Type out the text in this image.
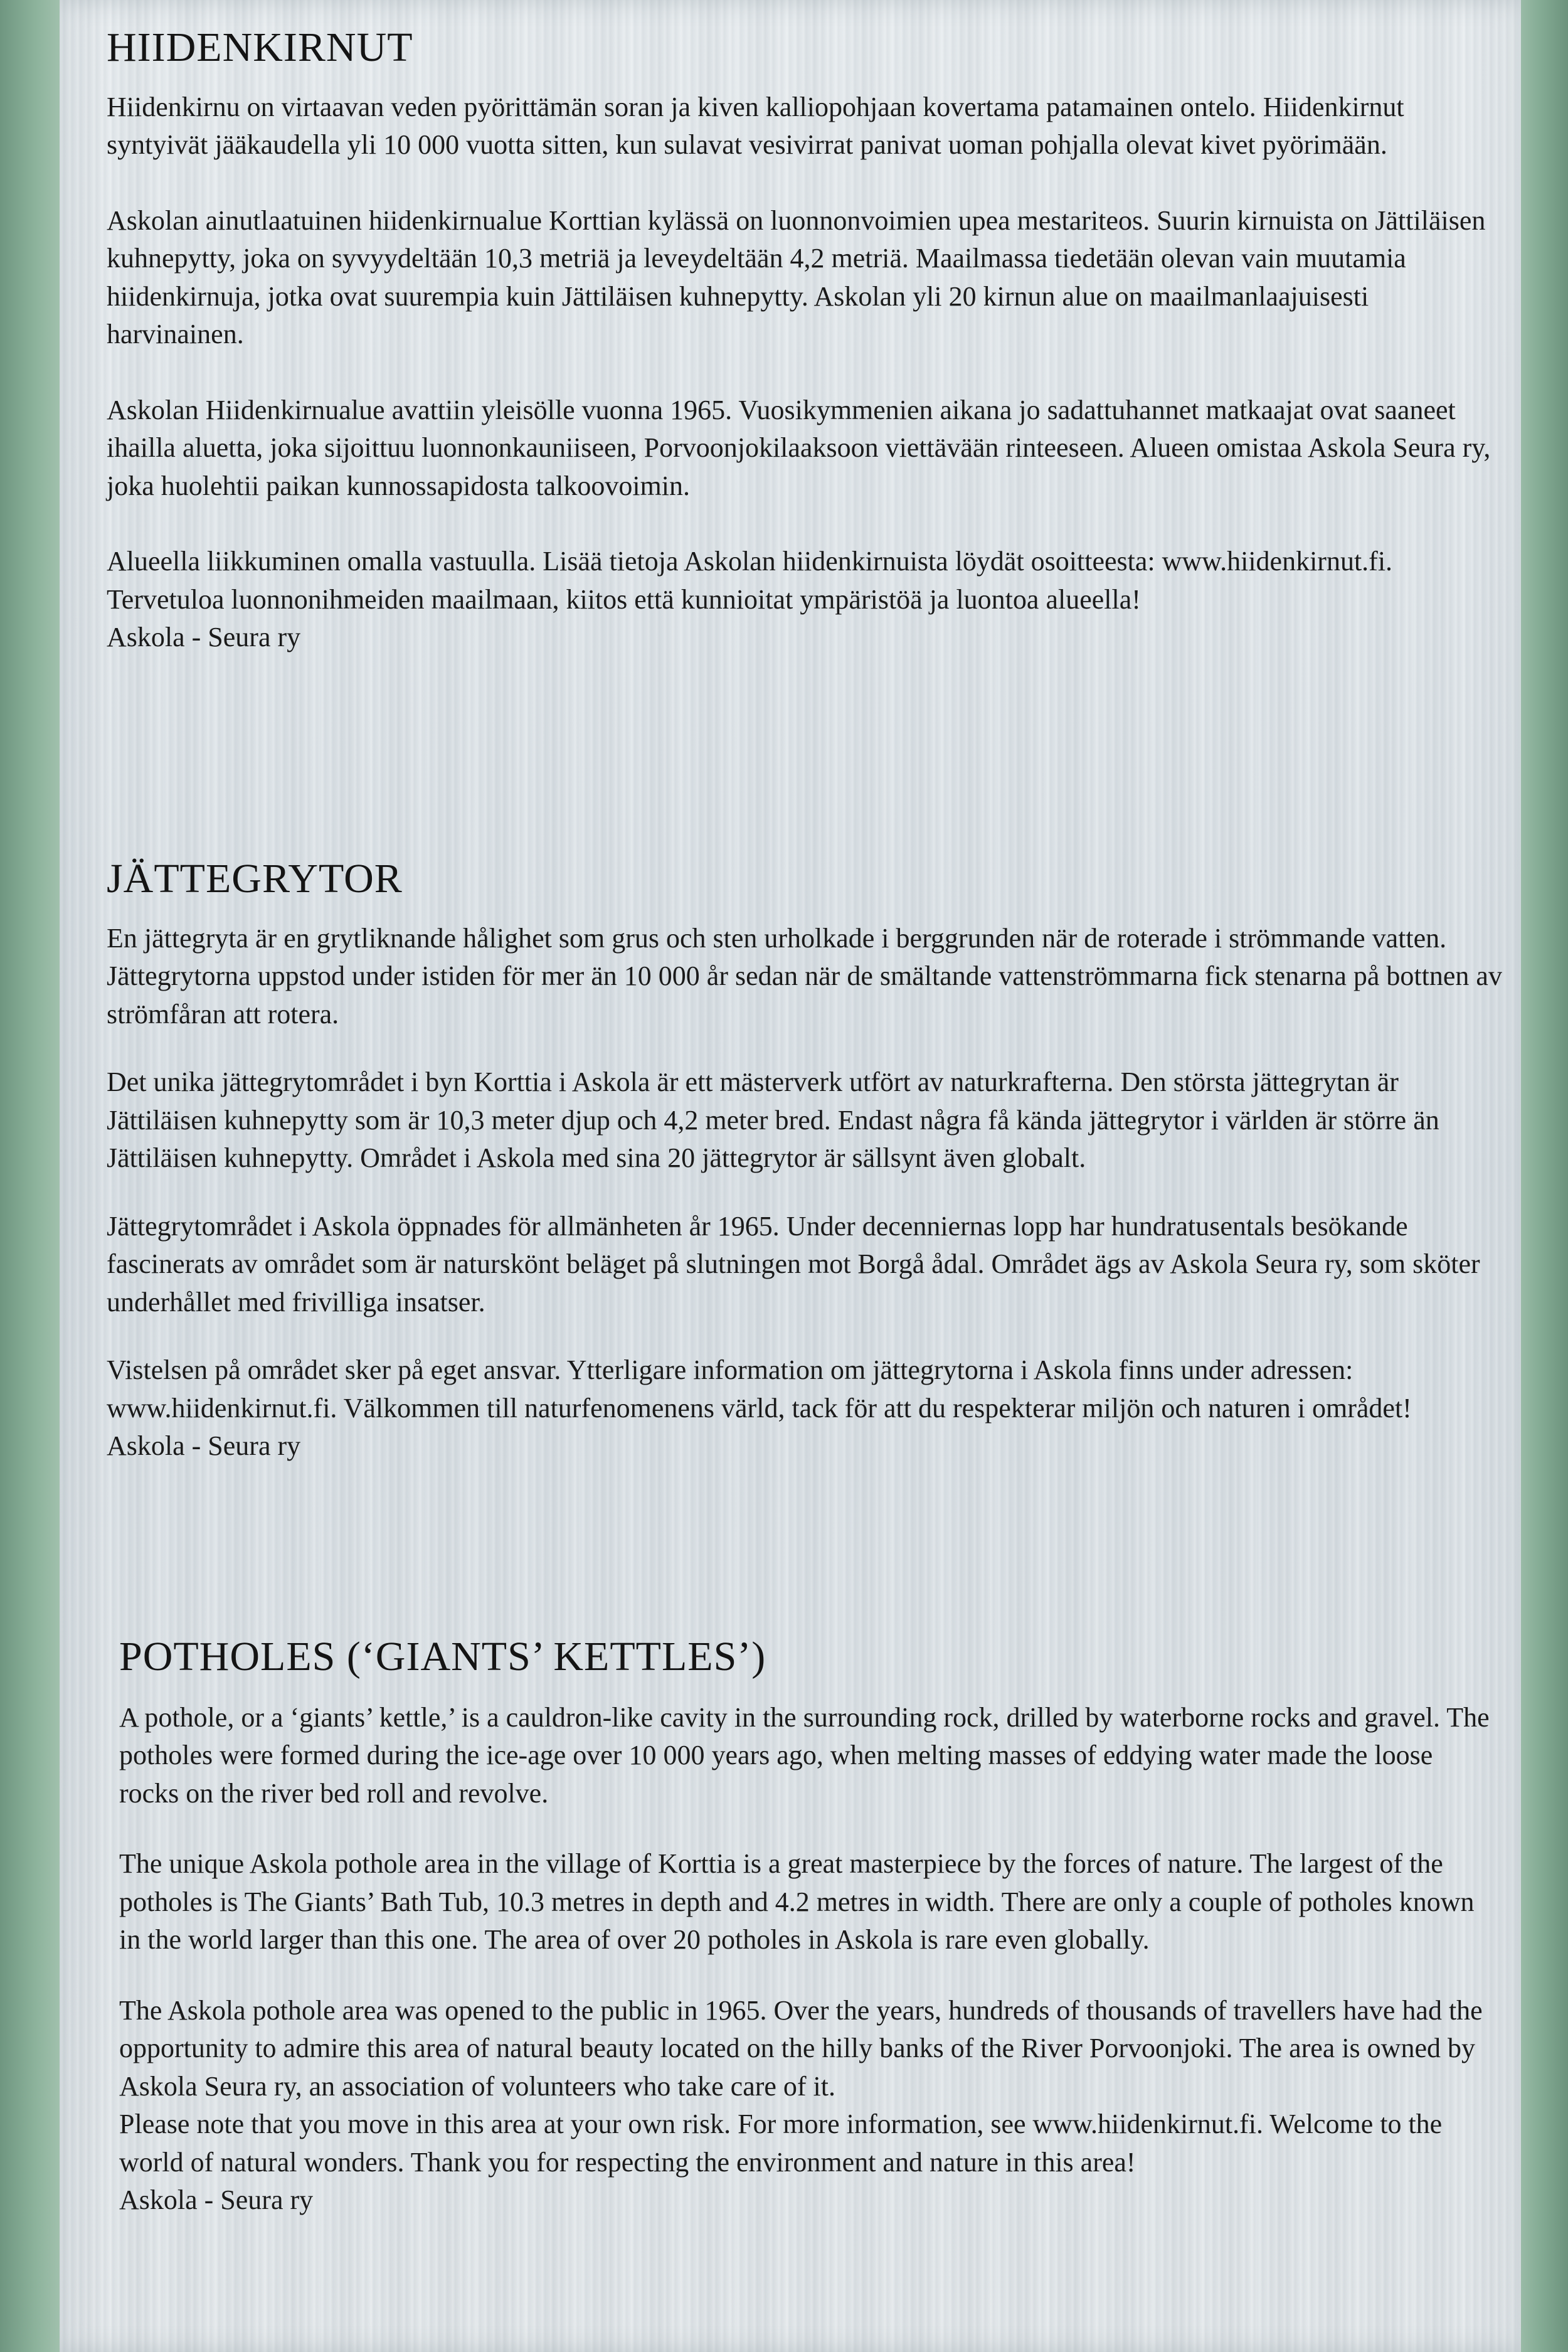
HIIDENKIRNUT

Hiidenkirnu on virtaavan veden pyörittämän soran ja kiven kalliopohjaan kovertama patamainen ontelo. Hiidenkirnut syntyivät jääkaudella yli 10 000 vuotta sitten, kun sulavat vesivirrat panivat uoman pohjalla olevat kivet pyörimään.

Askolan ainutlaatuinen hiidenkirnualue Korttian kylässä on luonnonvoimien upea mestariteos. Suurin kirnuista on Jättiläisen kuhnepytty, joka on syvyydeltään 10,3 metriä ja leveydeltään 4,2 metriä. Maailmassa tiedetään olevan vain muutamia hiidenkirnuja, jotka ovat suurempia kuin Jättiläisen kuhnepytty. Askolan yli 20 kirnun alue on maailmanlaajuisesti harvinainen.

Askolan Hiidenkirnualue avattiin yleisölle vuonna 1965. Vuosikymmenien aikana jo sadattuhannet matkaajat ovat saaneet ihailla aluetta, joka sijoittuu luonnonkauniiseen, Porvoonjokilaaksoon viettävään rinteeseen. Alueen omistaa Askola Seura ry, joka huolehtii paikan kunnossapidosta talkoovoimin.

Alueella liikkuminen omalla vastuulla. Lisää tietoja Askolan hiidenkirnuista löydät osoitteesta: www.hiidenkirnut.fi. Tervetuloa luonnonihmeiden maailmaan, kiitos että kunnioitat ympäristöä ja luontoa alueella!

Askola - Seura ry

JÄTTEGRYTOR

En jättegryta är en grytliknande hålighet som grus och sten urholkade i berggrunden när de roterade i strömmande vatten. Jättegrytorna uppstod under istiden för mer än 10 000 år sedan när de smältande vattenströmmarna fick stenarna på bottnen av strömfåran att rotera.

Det unika jättegrytområdet i byn Korttia i Askola är ett mästerverk utfört av naturkrafterna. Den största jättegrytan är Jättiläisen kuhnepytty som är 10,3 meter djup och 4,2 meter bred. Endast några få kända jättegrytor i världen är större än Jättiläisen kuhnepytty. Området i Askola med sina 20 jättegrytor är sällsynt även globalt.

Jättegrytområdet i Askola öppnades för allmänheten år 1965. Under decenniernas lopp har hundratusentals besökande fascinerats av området som är naturskönt beläget på slutningen mot Borgå ådal. Området ägs av Askola Seura ry, som sköter underhållet med frivilliga insatser.

Vistelsen på området sker på eget ansvar. Ytterligare information om jättegrytorna i Askola finns under adressen: www.hiidenkirnut.fi. Välkommen till naturfenomenens värld, tack för att du respekterar miljön och naturen i området!

Askola - Seura ry

POTHOLES (‘GIANTS’ KETTLES’)

A pothole, or a ‘giants’ kettle,’ is a cauldron-like cavity in the surrounding rock, drilled by waterborne rocks and gravel. The potholes were formed during the ice-age over 10 000 years ago, when melting masses of eddying water made the loose rocks on the river bed roll and revolve.

The unique Askola pothole area in the village of Korttia is a great masterpiece by the forces of nature. The largest of the potholes is The Giants’ Bath Tub, 10.3 metres in depth and 4.2 metres in width. There are only a couple of potholes known in the world larger than this one. The area of over 20 potholes in Askola is rare even globally.

The Askola pothole area was opened to the public in 1965. Over the years, hundreds of thousands of travellers have had the opportunity to admire this area of natural beauty located on the hilly banks of the River Porvoonjoki. The area is owned by Askola Seura ry, an association of volunteers who take care of it.

Please note that you move in this area at your own risk. For more information, see www.hiidenkirnut.fi. Welcome to the world of natural wonders. Thank you for respecting the environment and nature in this area!

Askola - Seura ry
